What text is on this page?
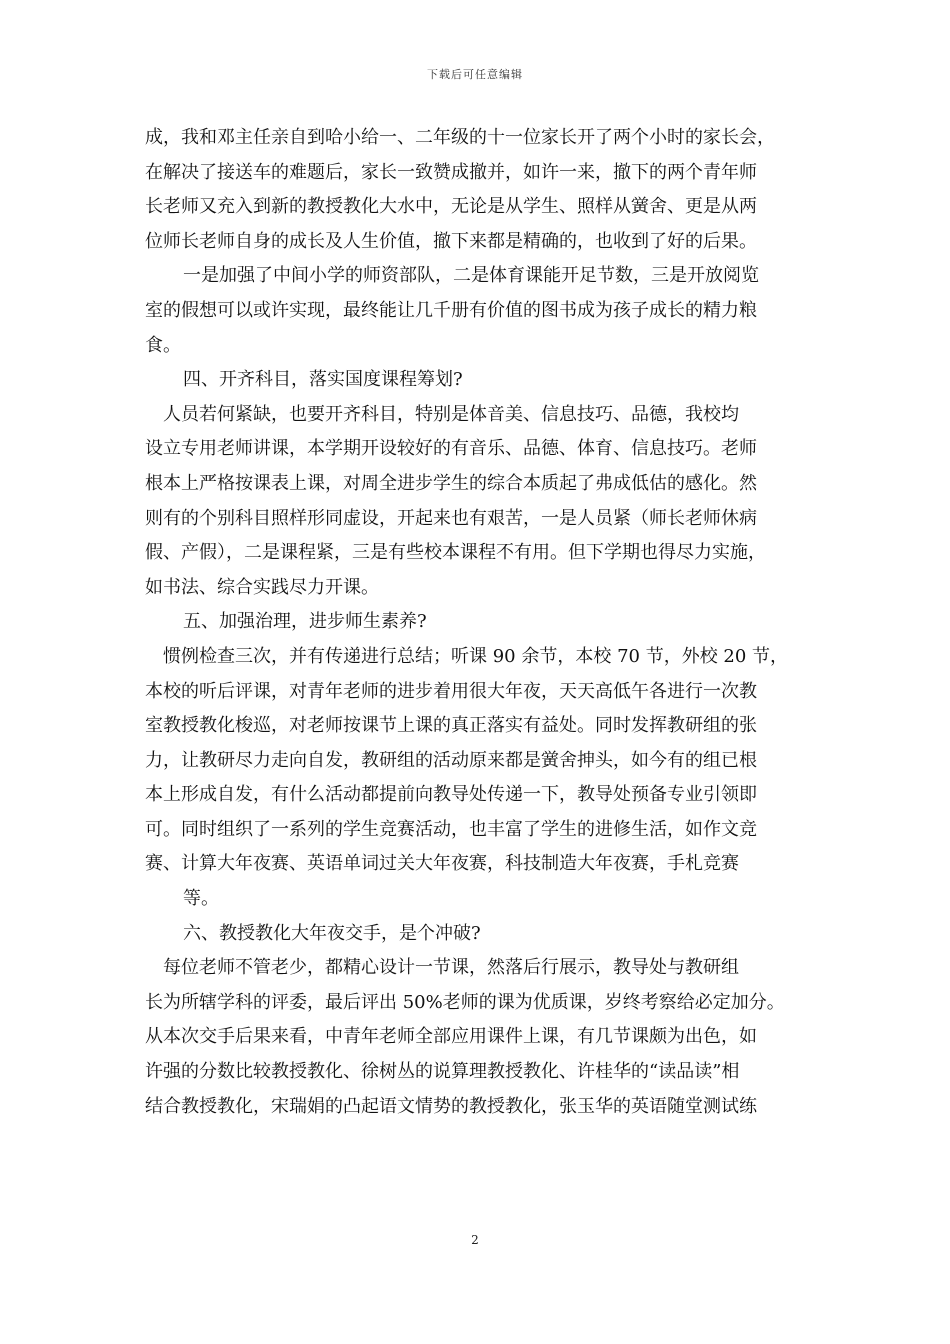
下载后可任意编辑
成，我和邓主任亲自到哈小给一、二年级的十一位家长开了两个小时的家长会，
在解决了接送车的难题后，家长一致赞成撤并，如许一来，撤下的两个青年师
长老师又充入到新的教授教化大水中，无论是从学生、照样从黉舍、更是从两
位师长老师自身的成长及人生价值，撤下来都是精确的，也收到了好的后果。
一是加强了中间小学的师资部队，二是体育课能开足节数，三是开放阅览
室的假想可以或许实现，最终能让几千册有价值的图书成为孩子成长的精力粮
食。
四、开齐科目，落实国度课程筹划?
人员若何紧缺，也要开齐科目，特别是体音美、信息技巧、品德，我校均
设立专用老师讲课，本学期开设较好的有音乐、品德、体育、信息技巧。老师
根本上严格按课表上课，对周全进步学生的综合本质起了弗成低估的感化。然
则有的个别科目照样形同虚设，开起来也有艰苦，一是人员紧（师长老师休病
假、产假），二是课程紧，三是有些校本课程不有用。但下学期也得尽力实施，
如书法、综合实践尽力开课。
五、加强治理，进步师生素养?
惯例检查三次，并有传递进行总结；听课 90 余节，本校 70 节，外校 20 节，
本校的听后评课，对青年老师的进步着用很大年夜，天天高低午各进行一次教
室教授教化梭巡，对老师按课节上课的真正落实有益处。同时发挥教研组的张
力，让教研尽力走向自发，教研组的活动原来都是黉舍抻头，如今有的组已根
本上形成自发，有什么活动都提前向教导处传递一下，教导处预备专业引领即
可。同时组织了一系列的学生竞赛活动，也丰富了学生的进修生活，如作文竞
赛、计算大年夜赛、英语单词过关大年夜赛，科技制造大年夜赛，手札竞赛
等。
六、教授教化大年夜交手，是个冲破?
每位老师不管老少，都精心设计一节课，然落后行展示，教导处与教研组
长为所辖学科的评委，最后评出 50%老师的课为优质课，岁终考察给必定加分。
从本次交手后果来看，中青年老师全部应用课件上课，有几节课颇为出色，如
许强的分数比较教授教化、徐树丛的说算理教授教化、许桂华的“读品读”相
结合教授教化，宋瑞娟的凸起语文情势的教授教化，张玉华的英语随堂测试练
2
